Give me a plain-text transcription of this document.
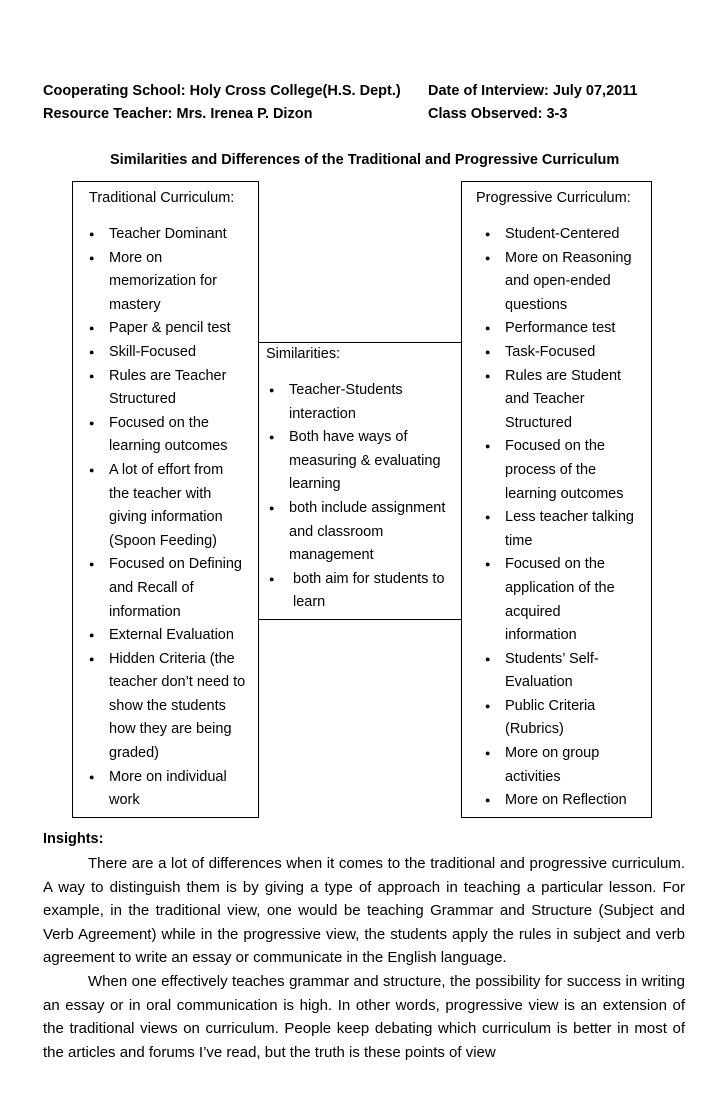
Cooperating School: Holy Cross College(H.S. Dept.) Date of Interview: July 07,2011
Resource Teacher: Mrs. Irenea P. Dizon	Class Observed: 3-3
Similarities and Differences of the Traditional and Progressive Curriculum
Traditional Curriculum:
● Teacher Dominant
● More on memorization for mastery
● Paper & pencil test
● Skill-Focused
● Rules are Teacher Structured
● Focused on the learning outcomes
● A lot of effort from the teacher with giving information (Spoon Feeding)
● Focused on Defining and Recall of information
● External Evaluation
● Hidden Criteria (the teacher don’t need to show the students how they are being graded)
● More on individual work
Similarities:
● Teacher-Students interaction
● Both have ways of measuring & evaluating learning
● both include assignment and classroom management
● both aim for students to learn
Progressive Curriculum:
● Student-Centered
● More on Reasoning and open-ended questions
● Performance test
● Task-Focused
● Rules are Student and Teacher Structured
● Focused on the process of the learning outcomes
● Less teacher talking time
● Focused on the application of the acquired information
● Students’ Self-Evaluation
● Public Criteria (Rubrics)
● More on group activities
● More on Reflection
Insights:

There are a lot of differences when it comes to the traditional and progressive curriculum. A way to distinguish them is by giving a type of approach in teaching a particular lesson. For example, in the traditional view, one would be teaching Grammar and Structure (Subject and Verb Agreement) while in the progressive view, the students apply the rules in subject and verb agreement to write an essay or communicate in the English language.

When one effectively teaches grammar and structure, the possibility for success in writing an essay or in oral communication is high. In other words, progressive view is an extension of the traditional views on curriculum. People keep debating which curriculum is better in most of the articles and forums I’ve read, but the truth is these points of view
